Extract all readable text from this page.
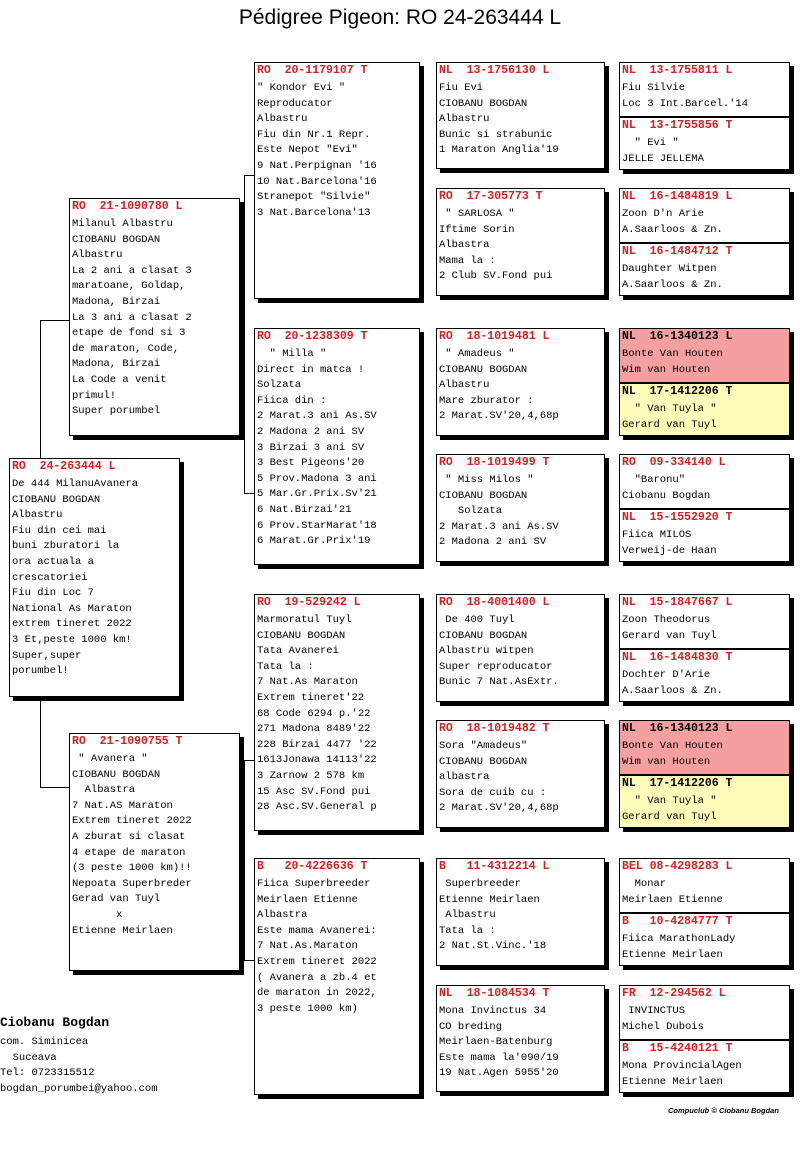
Pédigree Pigeon: RO 24-263444 L
RO  24-263444 L
De 444 MilanuAvanera
CIOBANU BOGDAN
Albastru
Fiu din cei mai
buni zburatori la
ora actuala a
crescatoriei
Fiu din Loc 7
National As Maraton
extrem tineret 2022
3 Et,peste 1000 km!
Super,super
porumbel!
RO  21-1090780 L
Milanul Albastru
CIOBANU BOGDAN
Albastru
La 2 ani a clasat 3
maratoane, Goldap,
Madona, Birzai
La 3 ani a clasat 2
etape de fond si 3
de maraton, Code,
Madona, Birzai
La Code a venit
primul!
Super porumbel
RO  21-1090755 T
" Avanera "
CIOBANU BOGDAN
Albastra
7 Nat.AS Maraton
Extrem tineret 2022
A zburat si clasat
4 etape de maraton
(3 peste 1000 km)!!
Nepoata Superbreder
Gerad van Tuyl
x
Etienne Meirlaen
RO  20-1179107 T
" Kondor Evi "
Reproducator
Albastru
Fiu din Nr.1 Repr.
Este Nepot "Evi"
9 Nat.Perpignan '16
10 Nat.Barcelona'16
Stranepot "Silvie"
3 Nat.Barcelona'13
RO  20-1238309 T
" Milla "
Direct in matca !
Solzata
Fiica din :
2 Marat.3 ani As.SV
2 Madona 2 ani SV
3 Birzai 3 ani SV
3 Best Pigeons'20
5 Prov.Madona 3 ani
5 Mar.Gr.Prix.Sv'21
6 Nat.Birzai'21
6 Prov.StarMarat'18
6 Marat.Gr.Prix'19
RO  19-529242 L
Marmoratul Tuyl
CIOBANU BOGDAN
Tata Avanerei
Tata la :
7 Nat.As Maraton
Extrem tineret'22
68 Code 6294 p.'22
271 Madona 8489'22
228 Birzai 4477 '22
1613Jonawa 14113'22
3 Zarnow 2 578 km
15 Asc SV.Fond pui
28 Asc.SV.General p
B   20-4226636 T
Fiica Superbreeder
Meirlaen Etienne
Albastra
Este mama Avanerei:
7 Nat.As.Maraton
Extrem tineret 2022
( Avanera a zb.4 et
de maraton in 2022,
3 peste 1000 km)
NL  13-1756130 L
Fiu Evi
CIOBANU BOGDAN
Albastru
Bunic si strabunic
1 Maraton Anglia'19
RO  17-305773 T
" SARLOSA "
Iftime Sorin
Albastra
Mama la :
2 Club SV.Fond pui
RO  18-1019481 L
" Amadeus "
CIOBANU BOGDAN
Albastru
Mare zburator :
2 Marat.SV'20,4,68p
RO  18-1019499 T
" Miss Milos "
CIOBANU BOGDAN
Solzata
2 Marat.3 ani As.SV
2 Madona 2 ani SV
RO  18-4001400 L
De 400 Tuyl
CIOBANU BOGDAN
Albastru witpen
Super reproducator
Bunic 7 Nat.AsExtr.
RO  18-1019482 T
Sora "Amadeus"
CIOBANU BOGDAN
albastra
Sora de cuib cu :
2 Marat.SV'20,4,68p
B   11-4312214 L
Superbreeder
Etienne Meirlaen
Albastru
Tata la :
2 Nat.St.Vinc.'18
NL  18-1084534 T
Mona Invinctus 34
CO breding
Meirlaen-Batenburg
Este mama la'090/19
19 Nat.Agen 5955'20
NL  13-1755811 L
Fiu Silvie
Loc 3 Int.Barcel.'14
NL  13-1755856 T
" Evi "
JELLE JELLEMA
NL  16-1484819 L
Zoon D'n Arie
A.Saarloos & Zn.
NL  16-1484712 T
Daughter Witpen
A.Saarloos & Zn.
NL  16-1340123 L
Bonte Van Houten
Wim van Houten
NL  17-1412206 T
" Van Tuyla "
Gerard van Tuyl
RO  09-334140 L
"Baronu"
Ciobanu Bogdan
NL  15-1552920 T
Fiica MILOS
Verweij-de Haan
NL  15-1847667 L
Zoon Theodorus
Gerard van Tuyl
NL  16-1484830 T
Dochter D'Arie
A.Saarloos & Zn.
NL  16-1340123 L
Bonte Van Houten
Wim van Houten
NL  17-1412206 T
" Van Tuyla "
Gerard van Tuyl
BEL 08-4298283 L
Monar
Meirlaen Etienne
B   10-4284777 T
Fiica MarathonLady
Etienne Meirlaen
FR  12-294562 L
INVINCTUS
Michel Dubois
B   15-4240121 T
Mona ProvincialAgen
Etienne Meirlaen
Ciobanu Bogdan
com. Siminicea
Suceava
Tel: 0723315512
bogdan_porumbei@yahoo.com
Compuclub © Ciobanu Bogdan
